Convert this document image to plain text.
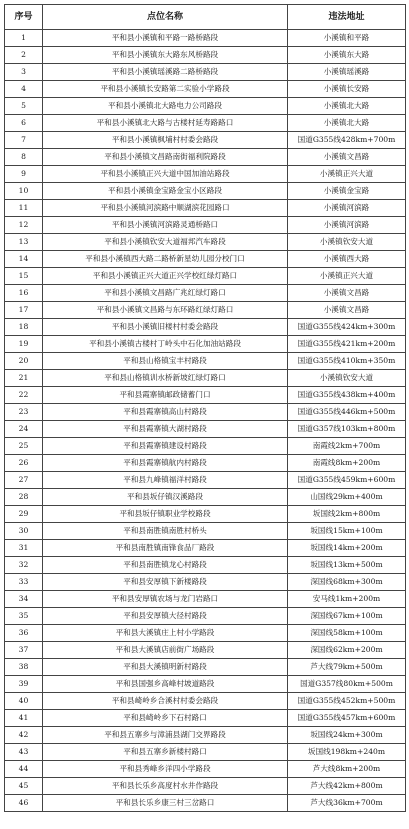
序号	点位名称	违法地址
1	平和县小溪镇和平路一路桥路段	小溪镇和平路
2	平和县小溪镇东大路东风桥路段	小溪镇东大路
3	平和县小溪镇瑶溪路二路桥路段	小溪镇瑶溪路
4	平和县小溪镇长安路第二实验小学路段	小溪镇长安路
5	平和县小溪镇北大路电力公司路段	小溪镇北大路
6	平和县小溪镇北大路与古楼村延寿路路口	小溪镇北大路
7	平和县小溪镇枫埔村村委会路段	国道G355线428km+700m
8	平和县小溪镇文昌路南街福利院路段	小溪镇文昌路
9	平和县小溪镇正兴大道中国加油站路段	小溪镇正兴大道
10	平和县小溪镇金宝路金宝小区路段	小溪镇金宝路
11	平和县小溪镇河滨路中顺湖滨花园路口	小溪镇河滨路
12	平和县小溪镇河滨路灵通桥路口	小溪镇河滨路
13	平和县小溪镇钦安大道福邦汽车路段	小溪镇钦安大道
14	平和县小溪镇西大路二路桥新星幼儿园分校门口	小溪镇西大路
15	平和县小溪镇正兴大道正兴学校红绿灯路口	小溪镇正兴大道
16	平和县小溪镇文昌路广兆红绿灯路口	小溪镇文昌路
17	平和县小溪镇文昌路与东环路红绿灯路口	小溪镇文昌路
18	平和县小溪镇旧楼村村委会路段	国道G355线424km+300m
19	平和县小溪镇古楼村丁岭头中石化加油站路段	国道G355线421km+200m
20	平和县山格镇宝丰村路段	国道G355线410km+350m
21	平和县山格镇训水桥新坡红绿灯路口	小溪镇钦安大道
22	平和县霞寨镇邮政储蓄门口	国道G355线438km+400m
23	平和县霞寨镇高山村路段	国道G355线446km+500m
24	平和县霞寨镇大湖村路段	国道G357线103km+800m
25	平和县霞寨镇建设村路段	南霞线2km+700m
26	平和县霞寨镇航内村路段	南霞线8km+200m
27	平和县九峰镇福洋村路段	国道G355线459km+600m
28	平和县坂仔镇汉溪路段	山国线29km+400m
29	平和县坂仔镇职业学校路段	坂国线2km+800m
30	平和县南胜镇南胜村桥头	坂国线15km+100m
31	平和县南胜镇南锋食品厂路段	坂国线14km+200m
32	平和县南胜镇龙心村路段	坂国线13km+500m
33	平和县安厚镇下新楼路段	深国线68km+300m
34	平和县安厚镇农场与龙门岩路口	安马线1km+200m
35	平和县安厚镇大径村路段	深国线67km+100m
36	平和县大溪镇庄上村小学路段	深国线58km+100m
37	平和县大溪镇店前街广场路段	深国线62km+200m
38	平和县大溪镇明新村路段	芦大线79km+500m
39	平和县国强乡高峰村坡道路段	国道G357线80km+500m
40	平和县崎岭乡合溪村村委会路段	国道G355线452km+500m
41	平和县崎岭乡下石村路口	国道G355线457km+600m
42	平和县五寨乡与漳浦县湖门交界路段	坂国线24km+300m
43	平和县五寨乡新楼村路口	坂国线198km+240m
44	平和县秀峰乡洋四小学路段	芦大线8km+200m
45	平和县长乐乡高度村水井作路段	芦大线42km+800m
46	平和县长乐乡康三村三岔路口	芦大线36km+700m
